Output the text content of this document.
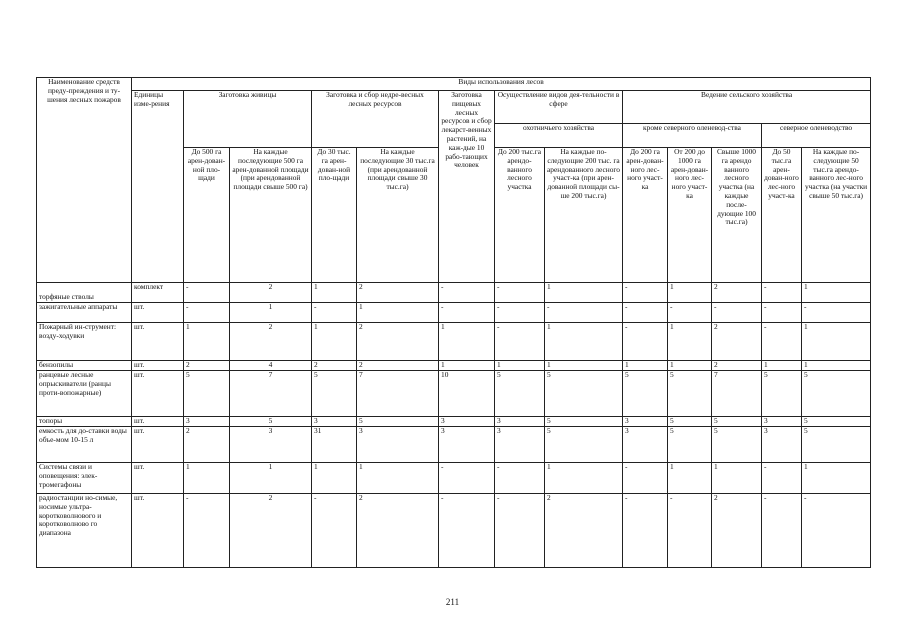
Наименование средств преду-преждения и ту-шения лесных пожаров	Виды использования лесов												
	Единицы изме-рения	Заготовка живицы		Заготовка и сбор недре-весных лесных ресурсов		Заготовка пищевых лесных ресурсов и сбор лекарст-венных растений, на каж-дые 10 рабо-тающих человек	Осуществление видов дея-тельности в сфере		Ведение сельского хозяйства				
							охотничьего хозяйства		кроме северного оленевод-ства			северное оленеводство	
		До 500 га арен-дован-ной пло-щади	На каждые последующие 500 га арен-дованной площади (при арендованной площади свыше 500 га)	До 30 тыс. га арен-дован-ной пло-щади	На каждые последующие 30 тыс.га (при арендованной площади свыше 30 тыс.га)		До 200 тыс.га арендо-ванного лесного участка	На каждые по-следующие 200 тыс. га арендованного лесного участ-ка (при арен-дованной площади сы-ше 200 тыс.га)	До 200 га арен-дован-ного лес-ного участ-ка	От 200 до 1000 га арен-дован-ного лес-ного участ-ка	Свыше 1000 га арендо ванного лесного участка (на каждые после-дующие 100 тыс.га)	До 50 тыс.га арен-дован-ного лес-ного участ-ка	На каждые по-следующие 50 тыс.га арендо-ванного лес-ного участка (на участки свыше 50 тыс.га)
торфяные стволы	комплект	-	2	1	2	-	-	1	-	1	2	-	1
зажигательные аппараты	шт.	-	1	-	1	-	-	-	-	-	-	-	-
Пожарный ин-струмент: возду-ходувки	шт.	1	2	1	2	1	-	1	-	1	2	-	1
бензопилы	шт.	2	4	2	2	1	1	1	1	1	2	1	1
ранцевые лесные опрыскиватели (ранцы проти-вопожарные)	шт.	5	7	5	7	10	5	5	5	5	7	5	5
топоры	шт.	3	5	3	5	3	3	5	3	5	5	3	5
емкость для до-ставки воды объе-мом 10-15 л	шт.	2	3	31	3	3	3	5	3	5	5	3	5
Системы связи и оповещения: элек-тромегафоны	шт.	1	1	1	1	-	-	1	-	1	1	-	1
радиостанции но-симые, носимые ультра-коротковолнового и коротковолново го диапазона	шт.	-	2	-	2	-	-	2	-	-	2	-	-
211
